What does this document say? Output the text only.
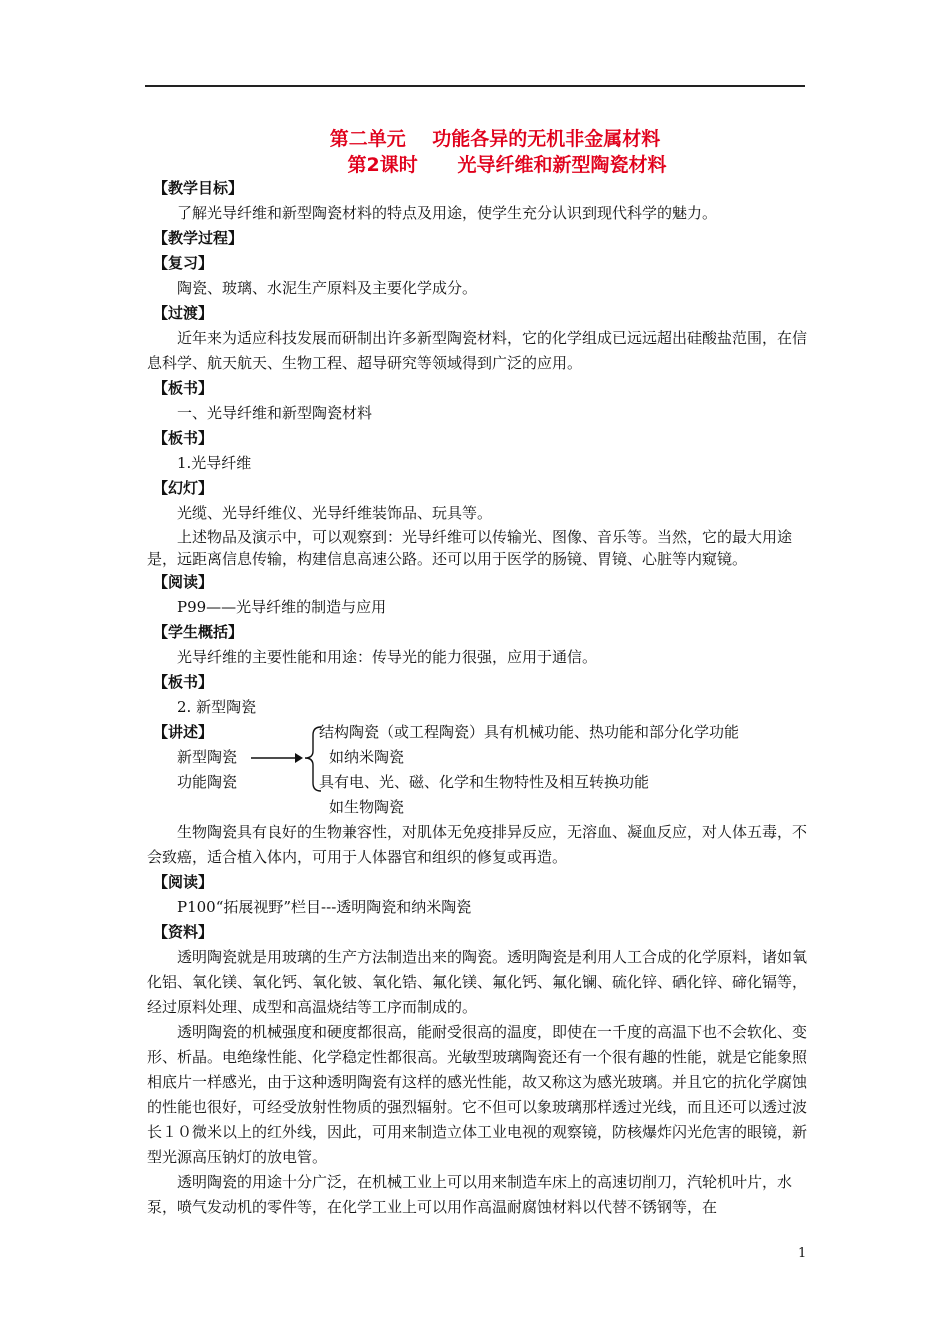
第二单元    功能各异的无机非金属材料
第2课时      光导纤维和新型陶瓷材料
【教学目标】
了解光导纤维和新型陶瓷材料的特点及用途，使学生充分认识到现代科学的魅力。
【教学过程】
【复习】
陶瓷、玻璃、水泥生产原料及主要化学成分。
【过渡】
近年来为适应科技发展而研制出许多新型陶瓷材料，它的化学组成已远远超出硅酸盐范围，在信息科学、航天航天、生物工程、超导研究等领域得到广泛的应用。
【板书】
一、光导纤维和新型陶瓷材料
【板书】
1.光导纤维
【幻灯】
光缆、光导纤维仪、光导纤维装饰品、玩具等。
上述物品及演示中，可以观察到：光导纤维可以传输光、图像、音乐等。当然，它的最大用途是，远距离信息传输，构建信息高速公路。还可以用于医学的肠镜、胃镜、心脏等内窥镜。
【阅读】
P99——光导纤维的制造与应用
【学生概括】
光导纤维的主要性能和用途：传导光的能力很强，应用于通信。
【板书】
2. 新型陶瓷
【讲述】
新型陶瓷
功能陶瓷
结构陶瓷（或工程陶瓷）具有机械功能、热功能和部分化学功能
如纳米陶瓷
具有电、光、磁、化学和生物特性及相互转换功能
如生物陶瓷
生物陶瓷具有良好的生物兼容性，对肌体无免疫排异反应，无溶血、凝血反应，对人体五毒，不会致癌，适合植入体内，可用于人体器官和组织的修复或再造。
【阅读】
P100“拓展视野”栏目---透明陶瓷和纳米陶瓷
【资料】
透明陶瓷就是用玻璃的生产方法制造出来的陶瓷。透明陶瓷是利用人工合成的化学原料，诸如氧化铝、氧化镁、氧化钙、氧化铍、氧化锆、氟化镁、氟化钙、氟化镧、硫化锌、硒化锌、碲化镉等，经过原料处理、成型和高温烧结等工序而制成的。
透明陶瓷的机械强度和硬度都很高，能耐受很高的温度，即使在一千度的高温下也不会软化、变形、析晶。电绝缘性能、化学稳定性都很高。光敏型玻璃陶瓷还有一个很有趣的性能，就是它能象照相底片一样感光，由于这种透明陶瓷有这样的感光性能，故又称这为感光玻璃。并且它的抗化学腐蚀的性能也很好，可经受放射性物质的强烈辐射。它不但可以象玻璃那样透过光线，而且还可以透过波长１０微米以上的红外线，因此，可用来制造立体工业电视的观察镜，防核爆炸闪光危害的眼镜，新型光源高压钠灯的放电管。
透明陶瓷的用途十分广泛，在机械工业上可以用来制造车床上的高速切削刀，汽轮机叶片，水泵，喷气发动机的零件等，在化学工业上可以用作高温耐腐蚀材料以代替不锈钢等，在
1
